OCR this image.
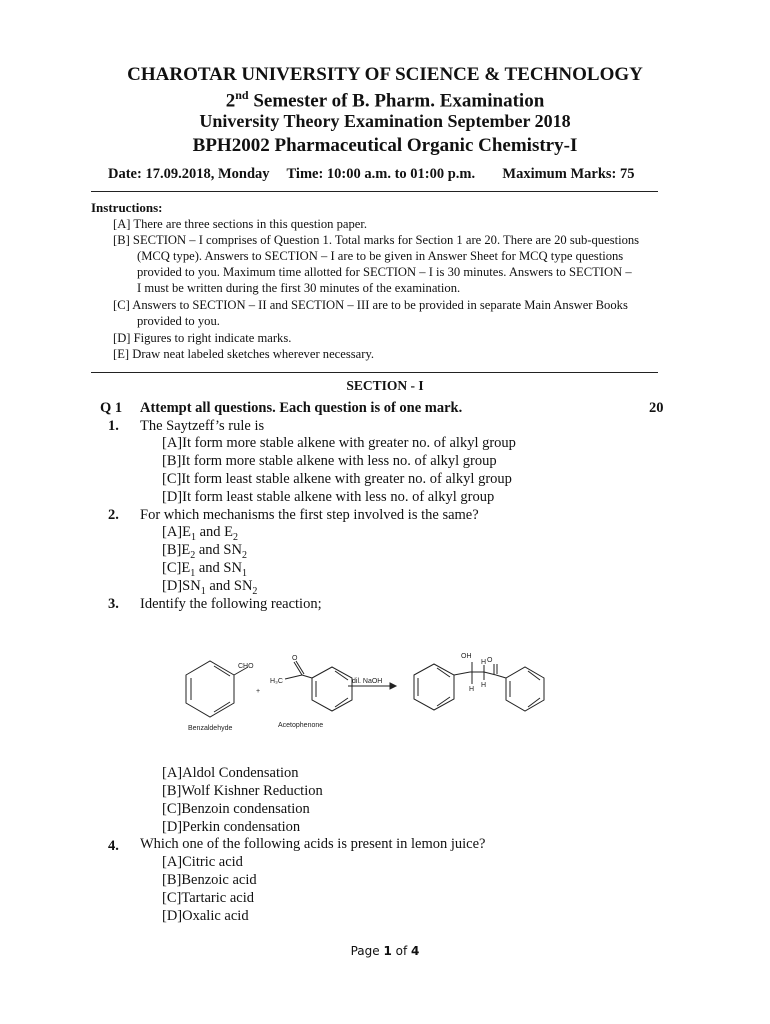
CHAROTAR UNIVERSITY OF SCIENCE & TECHNOLOGY
2nd Semester of B. Pharm. Examination
University Theory Examination September 2018
BPH2002 Pharmaceutical Organic Chemistry-I
Date: 17.09.2018, Monday Time: 10:00 a.m. to 01:00 p.m. Maximum Marks: 75
Instructions:
[A] There are three sections in this question paper.
[B] SECTION – I comprises of Question 1. Total marks for Section 1 are 20. There are 20 sub-questions
(MCQ type). Answers to SECTION – I are to be given in Answer Sheet for MCQ type questions
provided to you. Maximum time allotted for SECTION – I is 30 minutes. Answers to SECTION –
I must be written during the first 30 minutes of the examination.
[C] Answers to SECTION – II and SECTION – III are to be provided in separate Main Answer Books
provided to you.
[D] Figures to right indicate marks.
[E] Draw neat labeled sketches wherever necessary.
SECTION - I
Q 1 Attempt all questions. Each question is of one mark.	20
1. The Saytzeff’s rule is
[A]It form more stable alkene with greater no. of alkyl group
[B]It form more stable alkene with less no. of alkyl group
[C]It form least stable alkene with greater no. of alkyl group
[D]It form least stable alkene with less no. of alkyl group
2. For which mechanisms the first step involved is the same?
$[A]E_1$ and $E_2$
$[B]E_2$ and $SN_2$
$[C]E_1$ and $SN_1$
$[D]SN_1$ and $SN_2$
3. Identify the following reaction;
CHO
+
H₃C
O
dil. NaOH
OH
O
H
H
H
Benzaldehyde	Acetophenone
[A]Aldol Condensation
[B]Wolf Kishner Reduction
[C]Benzoin condensation
[D]Perkin condensation
4. Which one of the following acids is present in lemon juice?
[A]Citric acid
[B]Benzoic acid
[C]Tartaric acid
[D]Oxalic acid
Page 1 of 4
